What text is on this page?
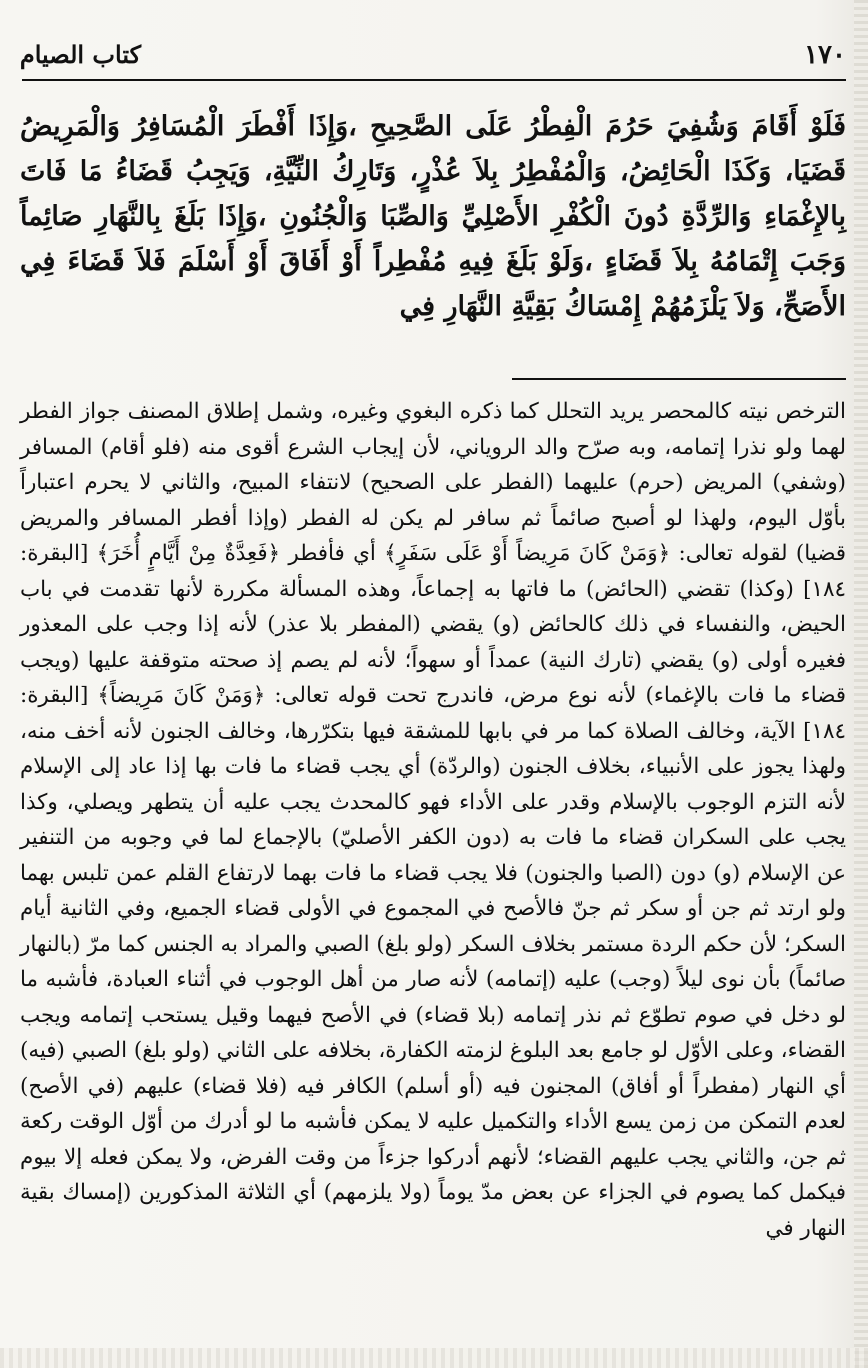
كتاب الصيام	١٧٠

فَلَوْ أَقَامَ وَشُفِيَ حَرُمَ الْفِطْرُ عَلَى الصَّحِيحِ ،وَإِذَا أَفْطَرَ الْمُسَافِرُ وَالْمَرِيضُ قَضَيَا، وَكَذَا الْحَائِضُ، وَالْمُفْطِرُ بِلاَ عُذْرٍ، وَتَارِكُ النِّيَّةِ، وَيَجِبُ قَضَاءُ مَا فَاتَ بِالإِغْمَاءِ وَالرِّدَّةِ دُونَ الْكُفْرِ الأَصْلِيِّ وَالصِّبَا وَالْجُنُونِ ،وَإِذَا بَلَغَ بِالنَّهَارِ صَائِماً وَجَبَ إِتْمَامُهُ بِلاَ قَضَاءٍ ،وَلَوْ بَلَغَ فِيهِ مُفْطِراً أَوْ أَفَاقَ أَوْ أَسْلَمَ فَلاَ قَضَاءَ فِي الأَصَحِّ، وَلاَ يَلْزَمُهُمْ إِمْسَاكُ بَقِيَّةِ النَّهَارِ فِي

الترخص نيته كالمحصر يريد التحلل كما ذكره البغوي وغيره، وشمل إطلاق المصنف جواز الفطر لهما ولو نذرا إتمامه، وبه صرّح والد الروياني، لأن إيجاب الشرع أقوى منه (فلو أقام) المسافر (وشفي) المريض (حرم) عليهما (الفطر على الصحيح) لانتفاء المبيح، والثاني لا يحرم اعتباراً بأوّل اليوم، ولهذا لو أصبح صائماً ثم سافر لم يكن له الفطر (وإذا أفطر المسافر والمريض قضيا) لقوله تعالى: ﴿وَمَنْ كَانَ مَرِيضاً أَوْ عَلَى سَفَرٍ﴾ أي فأفطر ﴿فَعِدَّةٌ مِنْ أَيَّامٍ أُخَرَ﴾ [البقرة: ١٨٤] (وكذا) تقضي (الحائض) ما فاتها به إجماعاً، وهذه المسألة مكررة لأنها تقدمت في باب الحيض، والنفساء في ذلك كالحائض (و) يقضي (المفطر بلا عذر) لأنه إذا وجب على المعذور فغيره أولى (و) يقضي (تارك النية) عمداً أو سهواً؛ لأنه لم يصم إذ صحته متوقفة عليها (ويجب قضاء ما فات بالإغماء) لأنه نوع مرض، فاندرج تحت قوله تعالى: ﴿وَمَنْ كَانَ مَرِيضاً﴾ [البقرة: ١٨٤] الآية، وخالف الصلاة كما مر في بابها للمشقة فيها بتكرّرها، وخالف الجنون لأنه أخف منه، ولهذا يجوز على الأنبياء، بخلاف الجنون (والردّة) أي يجب قضاء ما فات بها إذا عاد إلى الإسلام لأنه التزم الوجوب بالإسلام وقدر على الأداء فهو كالمحدث يجب عليه أن يتطهر ويصلي، وكذا يجب على السكران قضاء ما فات به (دون الكفر الأصليّ) بالإجماع لما في وجوبه من التنفير عن الإسلام (و) دون (الصبا والجنون) فلا يجب قضاء ما فات بهما لارتفاع القلم عمن تلبس بهما ولو ارتد ثم جن أو سكر ثم جنّ فالأصح في المجموع في الأولى قضاء الجميع، وفي الثانية أيام السكر؛ لأن حكم الردة مستمر بخلاف السكر (ولو بلغ) الصبي والمراد به الجنس كما مرّ (بالنهار صائماً) بأن نوى ليلاً (وجب) عليه (إتمامه) لأنه صار من أهل الوجوب في أثناء العبادة، فأشبه ما لو دخل في صوم تطوّع ثم نذر إتمامه (بلا قضاء) في الأصح فيهما وقيل يستحب إتمامه ويجب القضاء، وعلى الأوّل لو جامع بعد البلوغ لزمته الكفارة، بخلافه على الثاني (ولو بلغ) الصبي (فيه) أي النهار (مفطراً أو أفاق) المجنون فيه (أو أسلم) الكافر فيه (فلا قضاء) عليهم (في الأصح) لعدم التمكن من زمن يسع الأداء والتكميل عليه لا يمكن فأشبه ما لو أدرك من أوّل الوقت ركعة ثم جن، والثاني يجب عليهم القضاء؛ لأنهم أدركوا جزءاً من وقت الفرض، ولا يمكن فعله إلا بيوم فيكمل كما يصوم في الجزاء عن بعض مدّ يوماً (ولا يلزمهم) أي الثلاثة المذكورين (إمساك بقية النهار في
